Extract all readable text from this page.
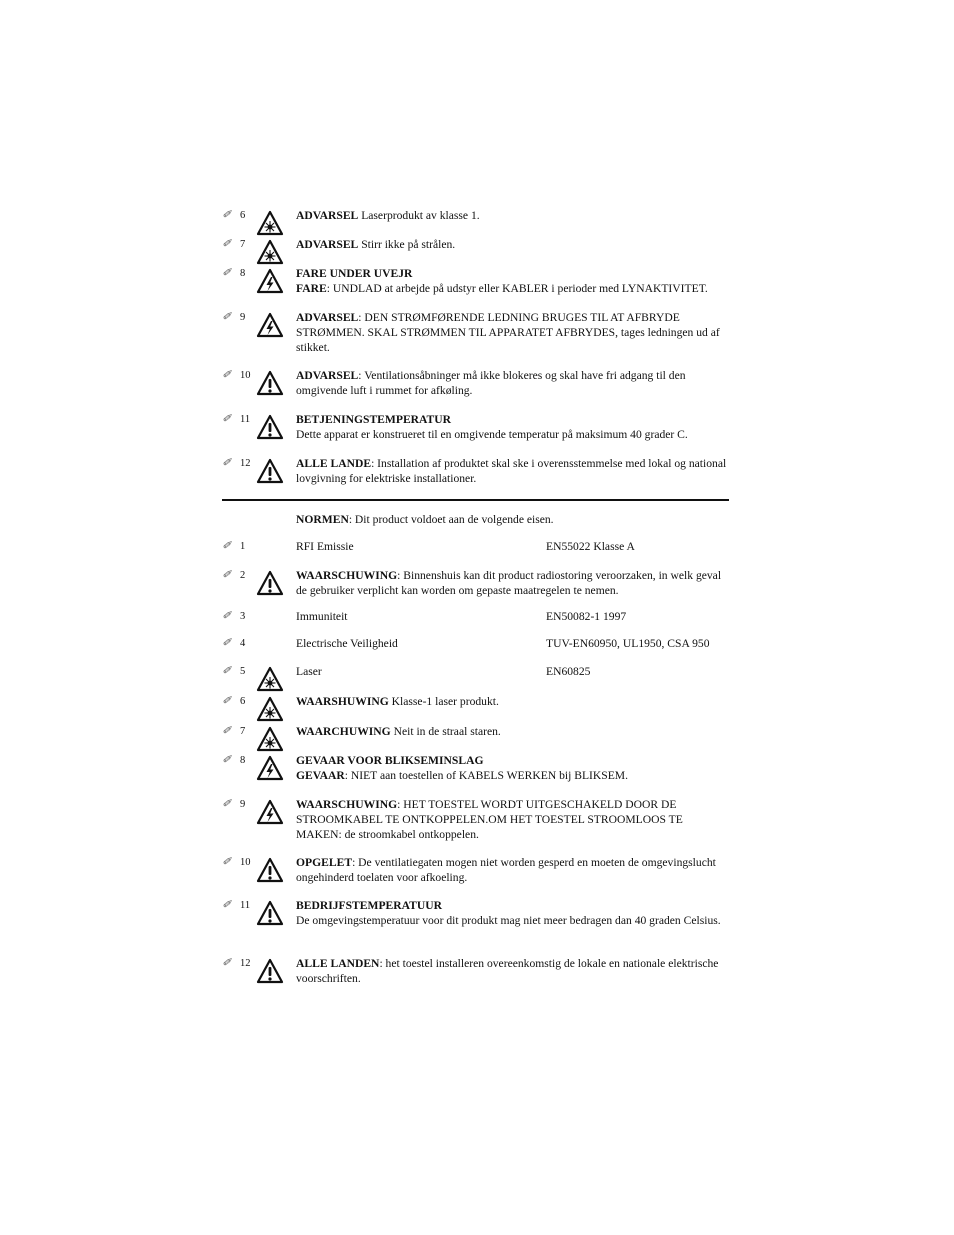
✐ 6	ADVARSEL Laserprodukt av klasse 1.
✐ 7	ADVARSEL Stirr ikke på strålen.
✐ 8	FARE UNDER UVEJR
FARE: UNDLAD at arbejde på udstyr eller KABLER i perioder med LYNAKTIVITET.
✐ 9	ADVARSEL: DEN STRØMFØRENDE LEDNING BRUGES TIL AT AFBRYDE STRØMMEN. SKAL STRØMMEN TIL APPARATET AFBRYDES, tages ledningen ud af stikket.
✐ 10	ADVARSEL: Ventilationsåbninger må ikke blokeres og skal have fri adgang til den omgivende luft i rummet for afkøling.
✐ 11	BETJENINGSTEMPERATUR
Dette apparat er konstrueret til en omgivende temperatur på maksimum 40 grader C.
✐ 12	ALLE LANDE: Installation af produktet skal ske i overensstemmelse med lokal og national lovgivning for elektriske installationer.
NORMEN: Dit product voldoet aan de volgende eisen.
✐ 1	RFI Emissie	EN55022 Klasse A
✐ 2	WAARSCHUWING: Binnenshuis kan dit product radiostoring veroorzaken, in welk geval de gebruiker verplicht kan worden om gepaste maatregelen te nemen.
✐ 3	Immuniteit	EN50082-1 1997
✐ 4	Electrische Veiligheid	TUV-EN60950, UL1950, CSA 950
✐ 5	Laser	EN60825
✐ 6	WAARSHUWING Klasse-1 laser produkt.
✐ 7	WAARCHUWING Neit in de straal staren.
✐ 8	GEVAAR VOOR BLIKSEMINSLAG
GEVAAR: NIET aan toestellen of KABELS WERKEN bij BLIKSEM.
✐ 9	WAARSCHUWING: HET TOESTEL WORDT UITGESCHAKELD DOOR DE STROOMKABEL TE ONTKOPPELEN.OM HET TOESTEL STROOMLOOS TE MAKEN: de stroomkabel ontkoppelen.
✐ 10	OPGELET: De ventilatiegaten mogen niet worden gesperd en moeten de omgevingslucht ongehinderd toelaten voor afkoeling.
✐ 11	BEDRIJFSTEMPERATUUR
De omgevingstemperatuur voor dit produkt mag niet meer bedragen dan 40 graden Celsius.
✐ 12	ALLE LANDEN: het toestel installeren overeenkomstig de lokale en nationale elektrische voorschriften.
